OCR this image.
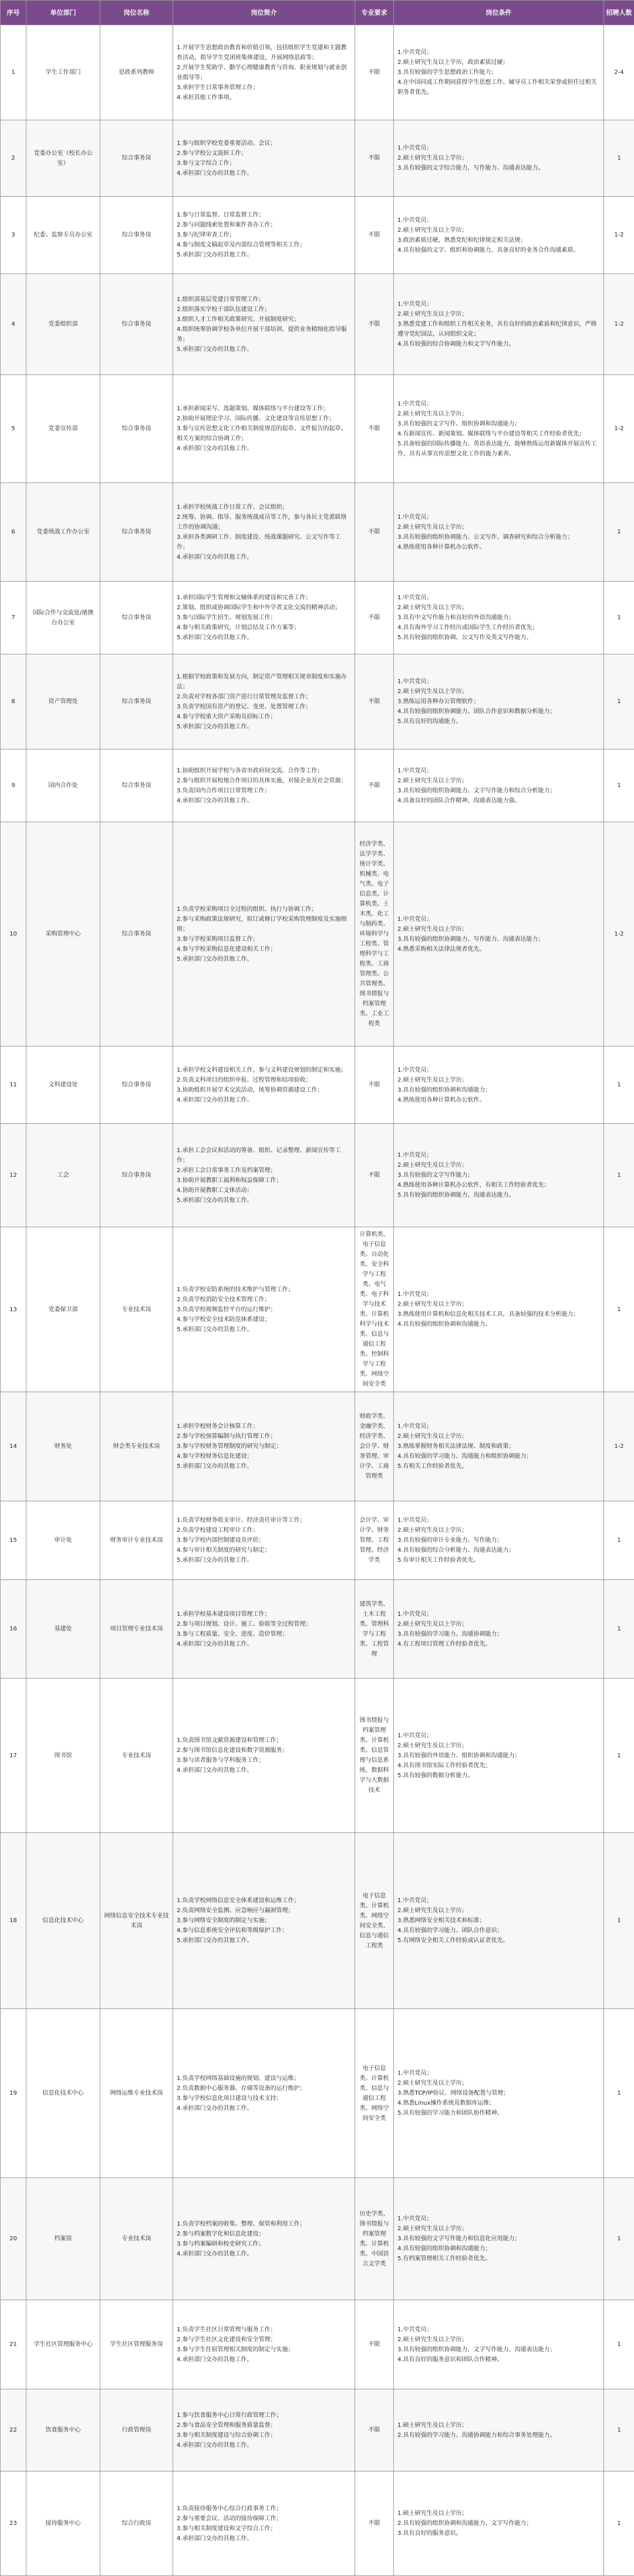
序号	单位部门	岗位名称	岗位简介	专业要求	岗位条件	招聘人数
1	学生工作部门	思政系列教师	1.开展学生思想政治教育和价值引领，包括组织学生党建和主题教育活动，指导学生党团班集体建设，开展网络思政等；
2.开展学生奖助学、勤学心理健康教育与咨询、职业规划与就业创业指导等；
3.承担学生日常事务管理工作；
4.承担其他工作事项。	不限	1.中共党员；
2.硕士研究生及以上学历，政治素质过硬；
3.具有较强的学生思想政治工作能力；
4.在中国同或工作期间获得学生思想工作、辅导员工作相关荣誉或担任过相关职务者优先。	2-4
2	党委办公室（校长办公室）	综合事务岗	1.参与组织学校党委重要活动、会议；
2.参与学校公文流转工作；
3.参与文字综合工作；
4.承担部门交办的其他工作。	不限	1.中共党员；
2.硕士研究生及以上学历；
3.具有较强的文字综合能力，写作能力、沟通表达能力。	1
3	纪委、监察专员办公室	综合事务岗	1.参与日常监督、日常监督工作；
2.参与问题线索处置和案件查办工作；
3.参与纪律审查工作；
4.参与制度文稿起草及内部综合管理等相关工作；
5.承担部门交办的其他工作。	不限	1.中共党员；
2.硕士研究生及以上学历；
3.政治素质过硬，熟悉党纪和纪律规定相关法规；
4.具有较强的文字、组织和协调能力，具备良好的业务合作沟通素质。	1-2
4	党委组织部	综合事务岗	1.组织部基层党建日常管理工作；
2.组织落实学校干部队伍建设工作；
3.组织人才工作相关政策研究、开展制度研究；
4.组织统筹协调学校各单位开展干部培训、提供业务精细化指导服务；
5.承担部门交办的其他工作。	不限	1.中共党员；
2.硕士研究生及以上学历；
3.熟悉党建工作和组织工作相关业务，具有良好的政治素质和纪律意识，严格遵守党纪国法，认同组织文化；
4.具有较强的综合协调能力和文字写作能力。	1-2
5	党委宣传部	综合事务岗	1.承担新闻采写、选题策划、媒体联络与平台建设等工作；
2.协助开展理论学习、国际传播、文化建设等宣传思想工作；
3.参与宣传思想文化工作相关制度规范的起草、文件报告的起草、相关方案的综合协调工作；
4.承担部门交办的其他工作。	不限	1.中共党员；
2.硕士研究生及以上学历；
3.具有较强的文字写作、组织协调和沟通能力；
4.有新闻宣传、新闻策划、媒体联络与平台建设等相关工作经验者优先；
5.具备较强的国际传播能力、英语表达能力，能够熟练运用新媒体开展宣传工作，具有从事宣传思想文化工作的能力素养。	1-2
6	党委统战工作办公室	综合事务岗	1.承担学校统战工作日常工作、会议组织；
2.统筹、协调、指导、服务统战成员等工作，参与各民主党派联络工作的协调沟通；
3.承担各类调研工作、制度建设、统战课题研究、公文写作等工作；
4.承担部门交办的其他工作。	不限	1.中共党员；
2.硕士研究生及以上学历；
3.具有较强的组织协调能力、公文写作、调查研究和综合分析能力；
4.熟练使用各种计算机办公软件。	1
7	国际合作与交流处/港澳台办公室	综合事务岗	1.承担国际学生管理和文辅体系的建设和完善工作；
2.策划、组织或协调国际学生和中外学者文化交流的精神活动；
3.参与国际学生招生、规划发展工作；
4.参与相关政策研究，计划总结及工作方案等；
5.承担部门交办的其他工作。	不限	1.中共党员；
2.硕士研究生及以上学历；
3.具有中文写作能力和良好的外语沟通能力；
4.具有海外学习工作经历或国际学生工作经历者优先；
5.具有较强的组织协调、公文写作及英文写作能力。	1
8	资产管理处	综合事务岗	1.根据学校政策和发展方向，制定资产管理相关规章制度和实施办法；
2.负责对学校各部门资产进行日常管理及监督工作；
3.负责学校国有资产的登记、变更、处置管理工作；
4.参与学校重大资产采购及招标工作；
5.承担部门交办的其他工作。	不限	1.中共党员；
2.硕士研究生及以上学历；
3.熟练运用各种办公管理软件；
4.具有较强的组织协调能力、团队合作意识和数据分析能力；
5.具有良好的沟通能力。	1
9	国内合作处	综合事务岗	1.协助组织开展学校与各省市政府间交流、合作等工作；
2.参与组织开展校地合作项目的具体实施，对接企业及社会资源；
3.负责国内合作项目日常管理工作；
4.承担部门交办的其他工作。	不限	1.中共党员；
2.硕士研究生及以上学历；
3.具有较强的组织协调能力、文字写作能力和综合分析能力；
4.具备良好的团队合作精神，沟通表达能力强。	1
10	采购管理中心	综合事务岗	1.负责学校采购项目全过程的组织、执行与协调工作；
2.参与采购政策法规研究，拟订或修订学校采购管理制度及实施细则；
3.参与学校采购项目监督工作；
4.参与学校采购信息化建设相关工作；
5.承担部门交办的其他工作。	经济学类、法学学类、统计学类、机械类、电气类、电子信息类、计算机类、土木类、化工与制药类、环境科学与工程类、管理科学与工程类、工商管理类、公共管理类、图书情报与档案管理类、工业工程类	1.中共党员；
2.硕士研究生及以上学历；
3.具有较强的组织协调能力、写作能力、沟通表达能力；
4.熟悉采购相关法律法规者优先。	1-2
11	文科建设处	综合事务岗	1.承担学校文科建设相关工作，参与文科建设规划的制定和实施；
2.负责文科项目的组织申报、过程管理和结项验收；
3.协助组织开展学术交流活动，统筹协调资源建设工作；
4.承担部门交办的其他工作。	不限	1.中共党员；
2.硕士研究生及以上学历；
3.具有较强的组织协调和沟通能力；
4.熟练使用各种计算机办公软件。	1
12	工会	综合事务岗	1.承担工会会议和活动的筹备、组织、记录整理、新闻宣传等工作；
2.承担工会日常事务工作及档案管理；
3.协助开展教职工福利和权益保障工作；
4.协助开展教职工文体活动；
5.承担部门交办的其他工作。	不限	1.中共党员；
2.硕士研究生及以上学历；
3.具有较强的文字写作能力；
4.熟练使用各种计算机办公软件，有相关工作经验者优先；
5.具有较强的组织协调能力、沟通表达能力。	1
13	党委保卫部	专业技术岗	1.负责学校安防系统的技术维护与管理工作；
2.负责学校消防安全技术管理工作；
3.负责学校视频监控平台的运行维护；
4.参与学校安全技术防范体系建设；
5.承担部门交办的其他工作。	计算机类、电子信息类、自动化类、安全科学与工程类、电气类、电子科学与技术类、计算机科学与技术类、信息与通信工程类、控制科学与工程类、网络空间安全类	1.中共党员；
2.硕士研究生及以上学历；
3.熟练使用计算机和信息化相关技术工具，具备较强的技术分析能力；
4.具有较强的组织协调和沟通能力。	1
14	财务处	财会类专业技术岗	1.承担学校财务会计核算工作；
2.参与学校预算编制与执行管理工作；
3.参与学校财务管理制度的研究与制定；
4.参与学校财务信息化建设；
5.承担部门交办的其他工作。	财政学类、金融学类、经济学类、会计学、财务管理、审计学、工商管理类	1.中共党员；
2.硕士研究生及以上学历；
3.熟练掌握财务相关法律法规、制度和政策；
4.具有较强的学习能力、沟通能力和组织协调能力；
5.有相关工作经验者优先。	1-2
15	审计处	财务审计专业技术岗	1.负责学校财务收支审计、经济责任审计等工作；
2.负责学校建设工程审计工作；
3.参与学校内部控制建设及评价；
4.参与审计相关制度的研究与制定；
5.承担部门交办的其他工作。	会计学、审计学、财务管理、工程管理、经济学类	1.中共党员；
2.硕士研究生及以上学历；
3.具有较强的审计专业能力、写作能力；
4.具有较强的综合分析能力、沟通表达能力；
5.有审计相关工作经验者优先。	1
16	基建处	项目管理专业技术岗	1.承担学校基本建设项目管理工作；
2.参与项目规划、设计、施工、验收等全过程管理；
3.参与工程质量、安全、进度、造价管理；
4.承担部门交办的其他工作。	建筑学类、土木工程类、管理科学与工程类、工程管理	1.中共党员；
2.硕士研究生及以上学历；
3.具有较强的学习能力、沟通协调能力；
4.有工程项目管理工作经验者优先。	1
17	图书馆	专业技术岗	1.负责图书馆文献资源建设和管理工作；
2.参与图书馆信息化建设和数字资源服务；
3.参与读者服务与学科服务工作；
4.承担部门交办的其他工作。	图书情报与档案管理类、计算机类、信息管理与信息系统、数据科学与大数据技术	1.中共党员；
2.硕士研究生及以上学历；
3.具有较强的外语能力、组织协调和沟通能力；
4.具有图书馆实际工作经验者优先；
5.具有较强的数据分析能力。	1
18	信息化技术中心	网络信息安全技术专业技术岗	1.负责学校网络信息安全体系建设和运维工作；
2.负责网络安全监测、应急响应与漏洞管理；
3.参与网络安全制度的制定与实施；
4.参与信息系统安全评估和等级保护工作；
5.承担部门交办的其他工作。	电子信息类、计算机类、网络空间安全类、信息与通信工程类	1.中共党员；
2.硕士研究生及以上学历；
3.熟悉网络安全相关技术和标准；
4.具有较强的学习能力、团队合作意识；
5.有网络安全相关工作经验或认证者优先。	1
19	信息化技术中心	网络运维专业技术岗	1.负责学校网络基础设施的规划、建设与运维；
2.负责数据中心服务器、存储等设备的运行维护；
3.参与学校信息化项目建设与技术支持；
4.承担部门交办的其他工作。	电子信息类、计算机类、信息与通信工程类、网络空间安全类	1.中共党员；
2.硕士研究生及以上学历；
3.熟悉TCP/IP协议、网络设备配置与管理；
4.熟悉Linux操作系统及数据库运维；
5.具有较强的学习能力和团队协作精神。	1
20	档案馆	专业技术岗	1.负责学校档案的收集、整理、保管和利用工作；
2.参与档案数字化和信息化建设；
3.参与档案编研和校史研究工作；
4.承担部门交办的其他工作。	历史学类、图书情报与档案管理类、计算机类、中国语言文学类	1.中共党员；
2.硕士研究生及以上学历；
3.具有较强的文字写作能力和信息化应用能力；
4.具有较强的组织协调和沟通能力；
5.有档案管理相关工作经验者优先。	1
21	学生社区管理服务中心	学生社区管理服务岗	1.负责学生社区日常管理与服务工作；
2.参与学生社区文化建设和安全管理；
3.参与学生住宿管理相关制度的制定与实施；
4.承担部门交办的其他工作。	不限	1.中共党员；
2.硕士研究生及以上学历；
3.具有较强的组织协调能力、文字写作能力、沟通表达能力；
4.具有良好的服务意识和团队合作精神。	1
22	饮食服务中心	行政管理岗	1.参与饮食服务中心日常行政管理工作；
2.参与食品安全管理和服务质量监督；
3.参与相关制度建设与综合协调工作；
4.承担部门交办的其他工作。	不限	1.硕士研究生及以上学历；
2.具有较强的学习能力、沟通协调能力和综合事务处理能力。	1
23	接待服务中心	综合行政岗	1.负责接待服务中心综合行政事务工作；
2.参与重要会议、活动的接待保障工作；
3.参与相关制度建设和文字综合工作；
4.承担部门交办的其他工作。	不限	1.硕士研究生及以上学历；
2.具有较强的组织协调和沟通能力、文字写作能力；
3.具有良好的服务意识。	1
